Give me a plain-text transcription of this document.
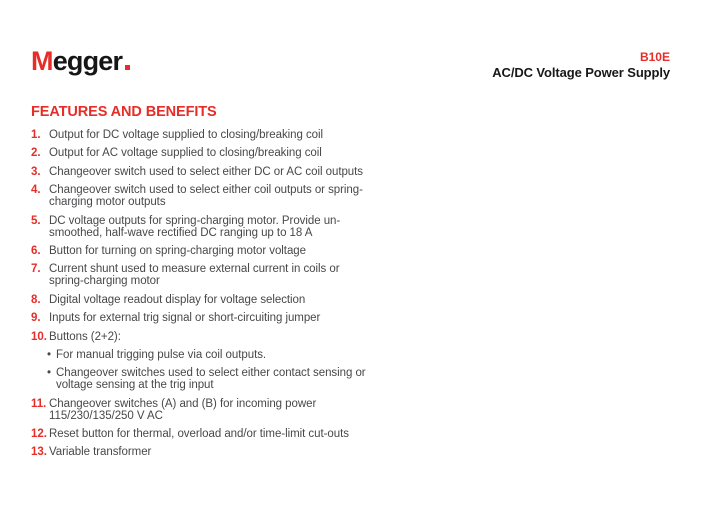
Megger	B10E
AC/DC Voltage Power Supply
FEATURES AND BENEFITS
1. Output for DC voltage supplied to closing/breaking coil
2. Output for AC voltage supplied to closing/breaking coil
3. Changeover switch used to select either DC or AC coil outputs
4. Changeover switch used to select either coil outputs or spring-
charging motor outputs
5. DC voltage outputs for spring-charging motor. Provide un-
smoothed, half-wave rectified DC ranging up to 18 A
6. Button for turning on spring-charging motor voltage
7. Current shunt used to measure external current in coils or
spring-charging motor
8. Digital voltage readout display for voltage selection
9. Inputs for external trig signal or short-circuiting jumper
10. Buttons (2+2):
• For manual trigging pulse via coil outputs.
• Changeover switches used to select either contact sensing or
voltage sensing at the trig input
11. Changeover switches (A) and (B) for incoming power
115/230/135/250 V AC
12. Reset button for thermal, overload and/or time-limit cut-outs
13. Variable transformer
